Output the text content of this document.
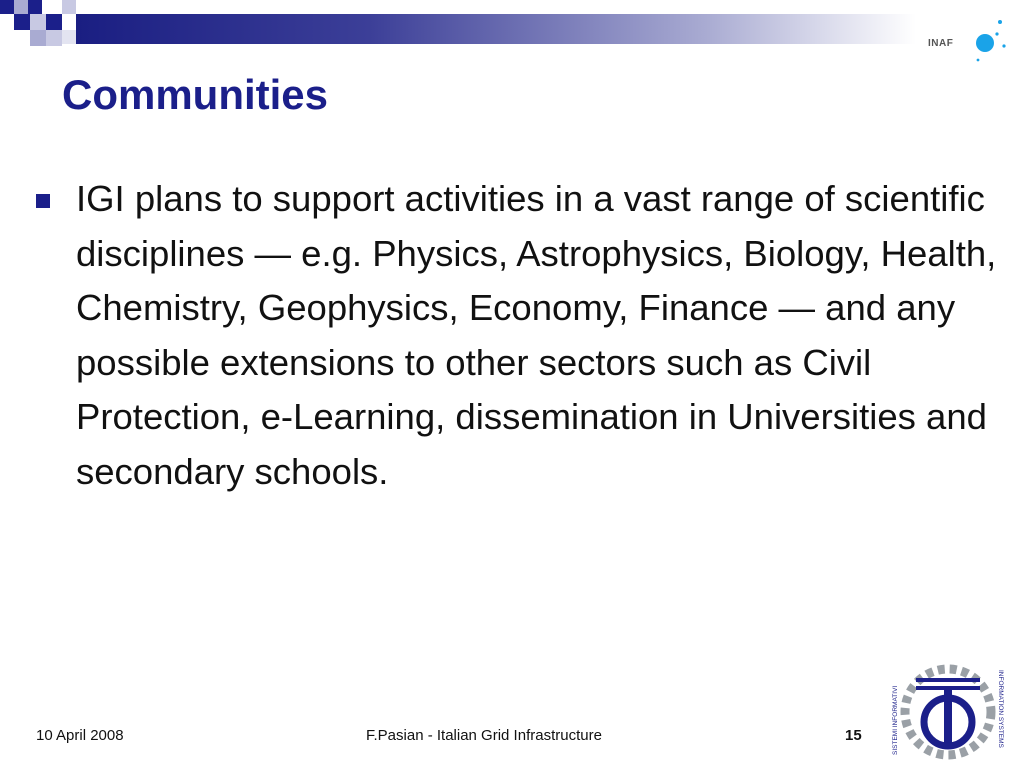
INAF
Communities

IGI plans to support activities in a vast range of scientific disciplines — e.g. Physics, Astrophysics, Biology, Health, Chemistry, Geophysics, Economy, Finance — and any possible extensions to other sectors such as Civil Protection, e-Learning, dissemination in Universities and secondary schools.

10 April 2008	F.Pasian - Italian Grid Infrastructure	15	SISTEMI INFORMATIVI	INFORMATION SYSTEMS
